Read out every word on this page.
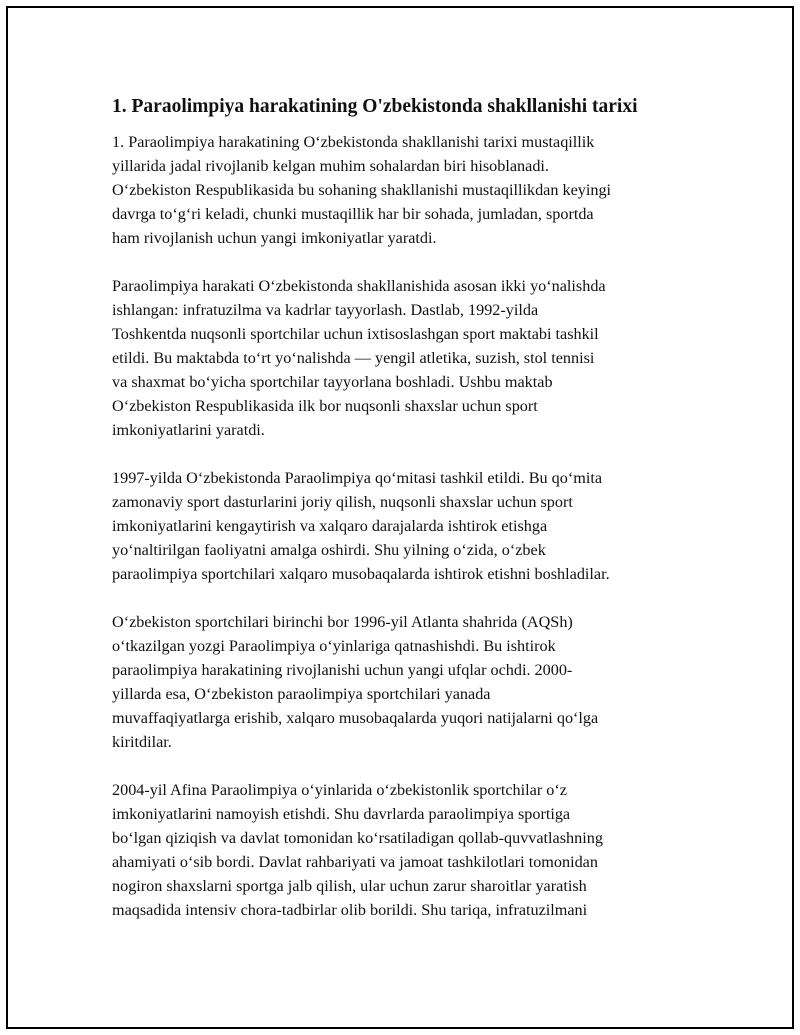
1. Paraolimpiya harakatining O'zbekistonda shakllanishi tarixi

1. Paraolimpiya harakatining O‘zbekistonda shakllanishi tarixi mustaqillik
yillarida jadal rivojlanib kelgan muhim sohalardan biri hisoblanadi.
O‘zbekiston Respublikasida bu sohaning shakllanishi mustaqillikdan keyingi
davrga to‘g‘ri keladi, chunki mustaqillik har bir sohada, jumladan, sportda
ham rivojlanish uchun yangi imkoniyatlar yaratdi.

Paraolimpiya harakati O‘zbekistonda shakllanishida asosan ikki yo‘nalishda
ishlangan: infratuzilma va kadrlar tayyorlash. Dastlab, 1992-yilda
Toshkentda nuqsonli sportchilar uchun ixtisoslashgan sport maktabi tashkil
etildi. Bu maktabda to‘rt yo‘nalishda — yengil atletika, suzish, stol tennisi
va shaxmat bo‘yicha sportchilar tayyorlana boshladi. Ushbu maktab
O‘zbekiston Respublikasida ilk bor nuqsonli shaxslar uchun sport
imkoniyatlarini yaratdi.

1997-yilda O‘zbekistonda Paraolimpiya qo‘mitasi tashkil etildi. Bu qo‘mita
zamonaviy sport dasturlarini joriy qilish, nuqsonli shaxslar uchun sport
imkoniyatlarini kengaytirish va xalqaro darajalarda ishtirok etishga
yo‘naltirilgan faoliyatni amalga oshirdi. Shu yilning o‘zida, o‘zbek
paraolimpiya sportchilari xalqaro musobaqalarda ishtirok etishni boshladilar.

O‘zbekiston sportchilari birinchi bor 1996-yil Atlanta shahrida (AQSh)
o‘tkazilgan yozgi Paraolimpiya o‘yinlariga qatnashishdi. Bu ishtirok
paraolimpiya harakatining rivojlanishi uchun yangi ufqlar ochdi. 2000-
yillarda esa, O‘zbekiston paraolimpiya sportchilari yanada
muvaffaqiyatlarga erishib, xalqaro musobaqalarda yuqori natijalarni qo‘lga
kiritdilar.

2004-yil Afina Paraolimpiya o‘yinlarida o‘zbekistonlik sportchilar o‘z
imkoniyatlarini namoyish etishdi. Shu davrlarda paraolimpiya sportiga
bo‘lgan qiziqish va davlat tomonidan ko‘rsatiladigan qollab-quvvatlashning
ahamiyati o‘sib bordi. Davlat rahbariyati va jamoat tashkilotlari tomonidan
nogiron shaxslarni sportga jalb qilish, ular uchun zarur sharoitlar yaratish
maqsadida intensiv chora-tadbirlar olib borildi. Shu tariqa, infratuzilmani
